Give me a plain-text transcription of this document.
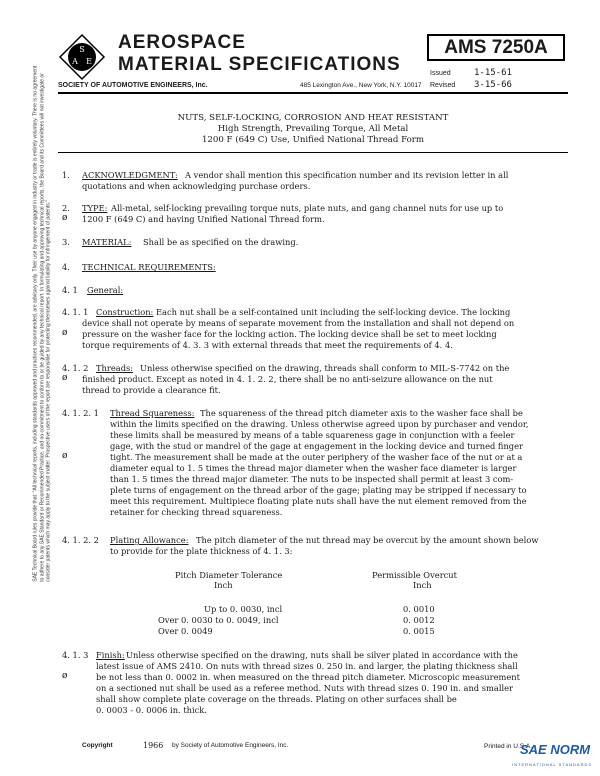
S
A E
AEROSPACE
MATERIAL SPECIFICATIONS
SOCIETY OF AUTOMOTIVE ENGINEERS, Inc.	485 Lexington Ave., New York, N.Y. 10017
AMS 7250A
Issued	1-15-61
Revised 3-15-66
NUTS, SELF-LOCKING, CORROSION AND HEAT RESISTANT
High Strength, Prevailing Torque, All Metal
1200 F (649 C) Use, Unified National Thread Form
SAE Technical Board rules provide that: "All technical reports, including standards approved and practices recommended, are advisory only. Their use by anyone engaged in industry or trade is entirely voluntary. There is no agreement to adhere to any SAE Standard or Recommended Practice, and no commitment to conform to or be guided by any technical report. In formulating and approving technical reports, the Board and its Committees will not investigate or consider patents which may apply to the subject matter. Prospective users of the report are responsible for protecting themselves against liability for infringement of patents."
1. ACKNOWLEDGMENT: A vendor shall mention this specification number and its revision letter in all
quotations and when acknowledging purchase orders.
2. TYPE: All-metal, self-locking prevailing torque nuts, plate nuts, and gang channel nuts for use up to
ø 1200 F (649 C) and having Unified National Thread form.
3. MATERIAL: Shall be as specified on the drawing.
4. TECHNICAL REQUIREMENTS:
4. 1 General:
4. 1. 1 Construction: Each nut shall be a self-contained unit including the self-locking device. The locking
device shall not operate by means of separate movement from the installation and shall not depend on
ø pressure on the washer face for the locking action. The locking device shall be set to meet locking
torque requirements of 4. 3. 3 with external threads that meet the requirements of 4. 4.
4. 1. 2 Threads: Unless otherwise specified on the drawing, threads shall conform to MIL-S-7742 on the
ø finished product. Except as noted in 4. 1. 2. 2, there shall be no anti-seizure allowance on the nut
thread to provide a clearance fit.
4. 1. 2. 1 Thread Squareness: The squareness of the thread pitch diameter axis to the washer face shall be
within the limits specified on the drawing. Unless otherwise agreed upon by purchaser and vendor,
these limits shall be measured by means of a table squareness gage in conjunction with a feeler
gage, with the stud or mandrel of the gage at engagement in the locking device and turned finger
ø	tight. The measurement shall be made at the outer periphery of the washer face of the nut or at a
diameter equal to 1. 5 times the thread major diameter when the washer face diameter is larger
than 1. 5 times the thread major diameter. The nuts to be inspected shall permit at least 3 com-
plete turns of engagement on the thread arbor of the gage; plating may be stripped if necessary to
meet this requirement. Multipiece floating plate nuts shall have the nut element removed from the
retainer for checking thread squareness.
4. 1. 2. 2 Plating Allowance: The pitch diameter of the nut thread may be overcut by the amount shown below
to provide for the plate thickness of 4. 1. 3:
Pitch Diameter Tolerance
Inch
Permissible Overcut
Inch
Up to 0. 0030, incl	0. 0010
Over 0. 0030 to 0. 0049, incl	0. 0012
Over 0. 0049	0. 0015
4. 1. 3 Finish: Unless otherwise specified on the drawing, nuts shall be silver plated in accordance with the
latest issue of AMS 2410. On nuts with thread sizes 0. 250 in. and larger, the plating thickness shall
ø	be not less than 0. 0002 in. when measured on the thread pitch diameter. Microscopic measurement
on a sectioned nut shall be used as a referee method. Nuts with thread sizes 0. 190 in. and smaller
shall show complete plate coverage on the threads. Plating on other surfaces shall be
0. 0003 - 0. 0006 in. thick.
Copyright	1966 by Society of Automotive Engineers, Inc.	Printed in U.S.A.
SAE NORM
INTERNATIONAL STANDARDS
